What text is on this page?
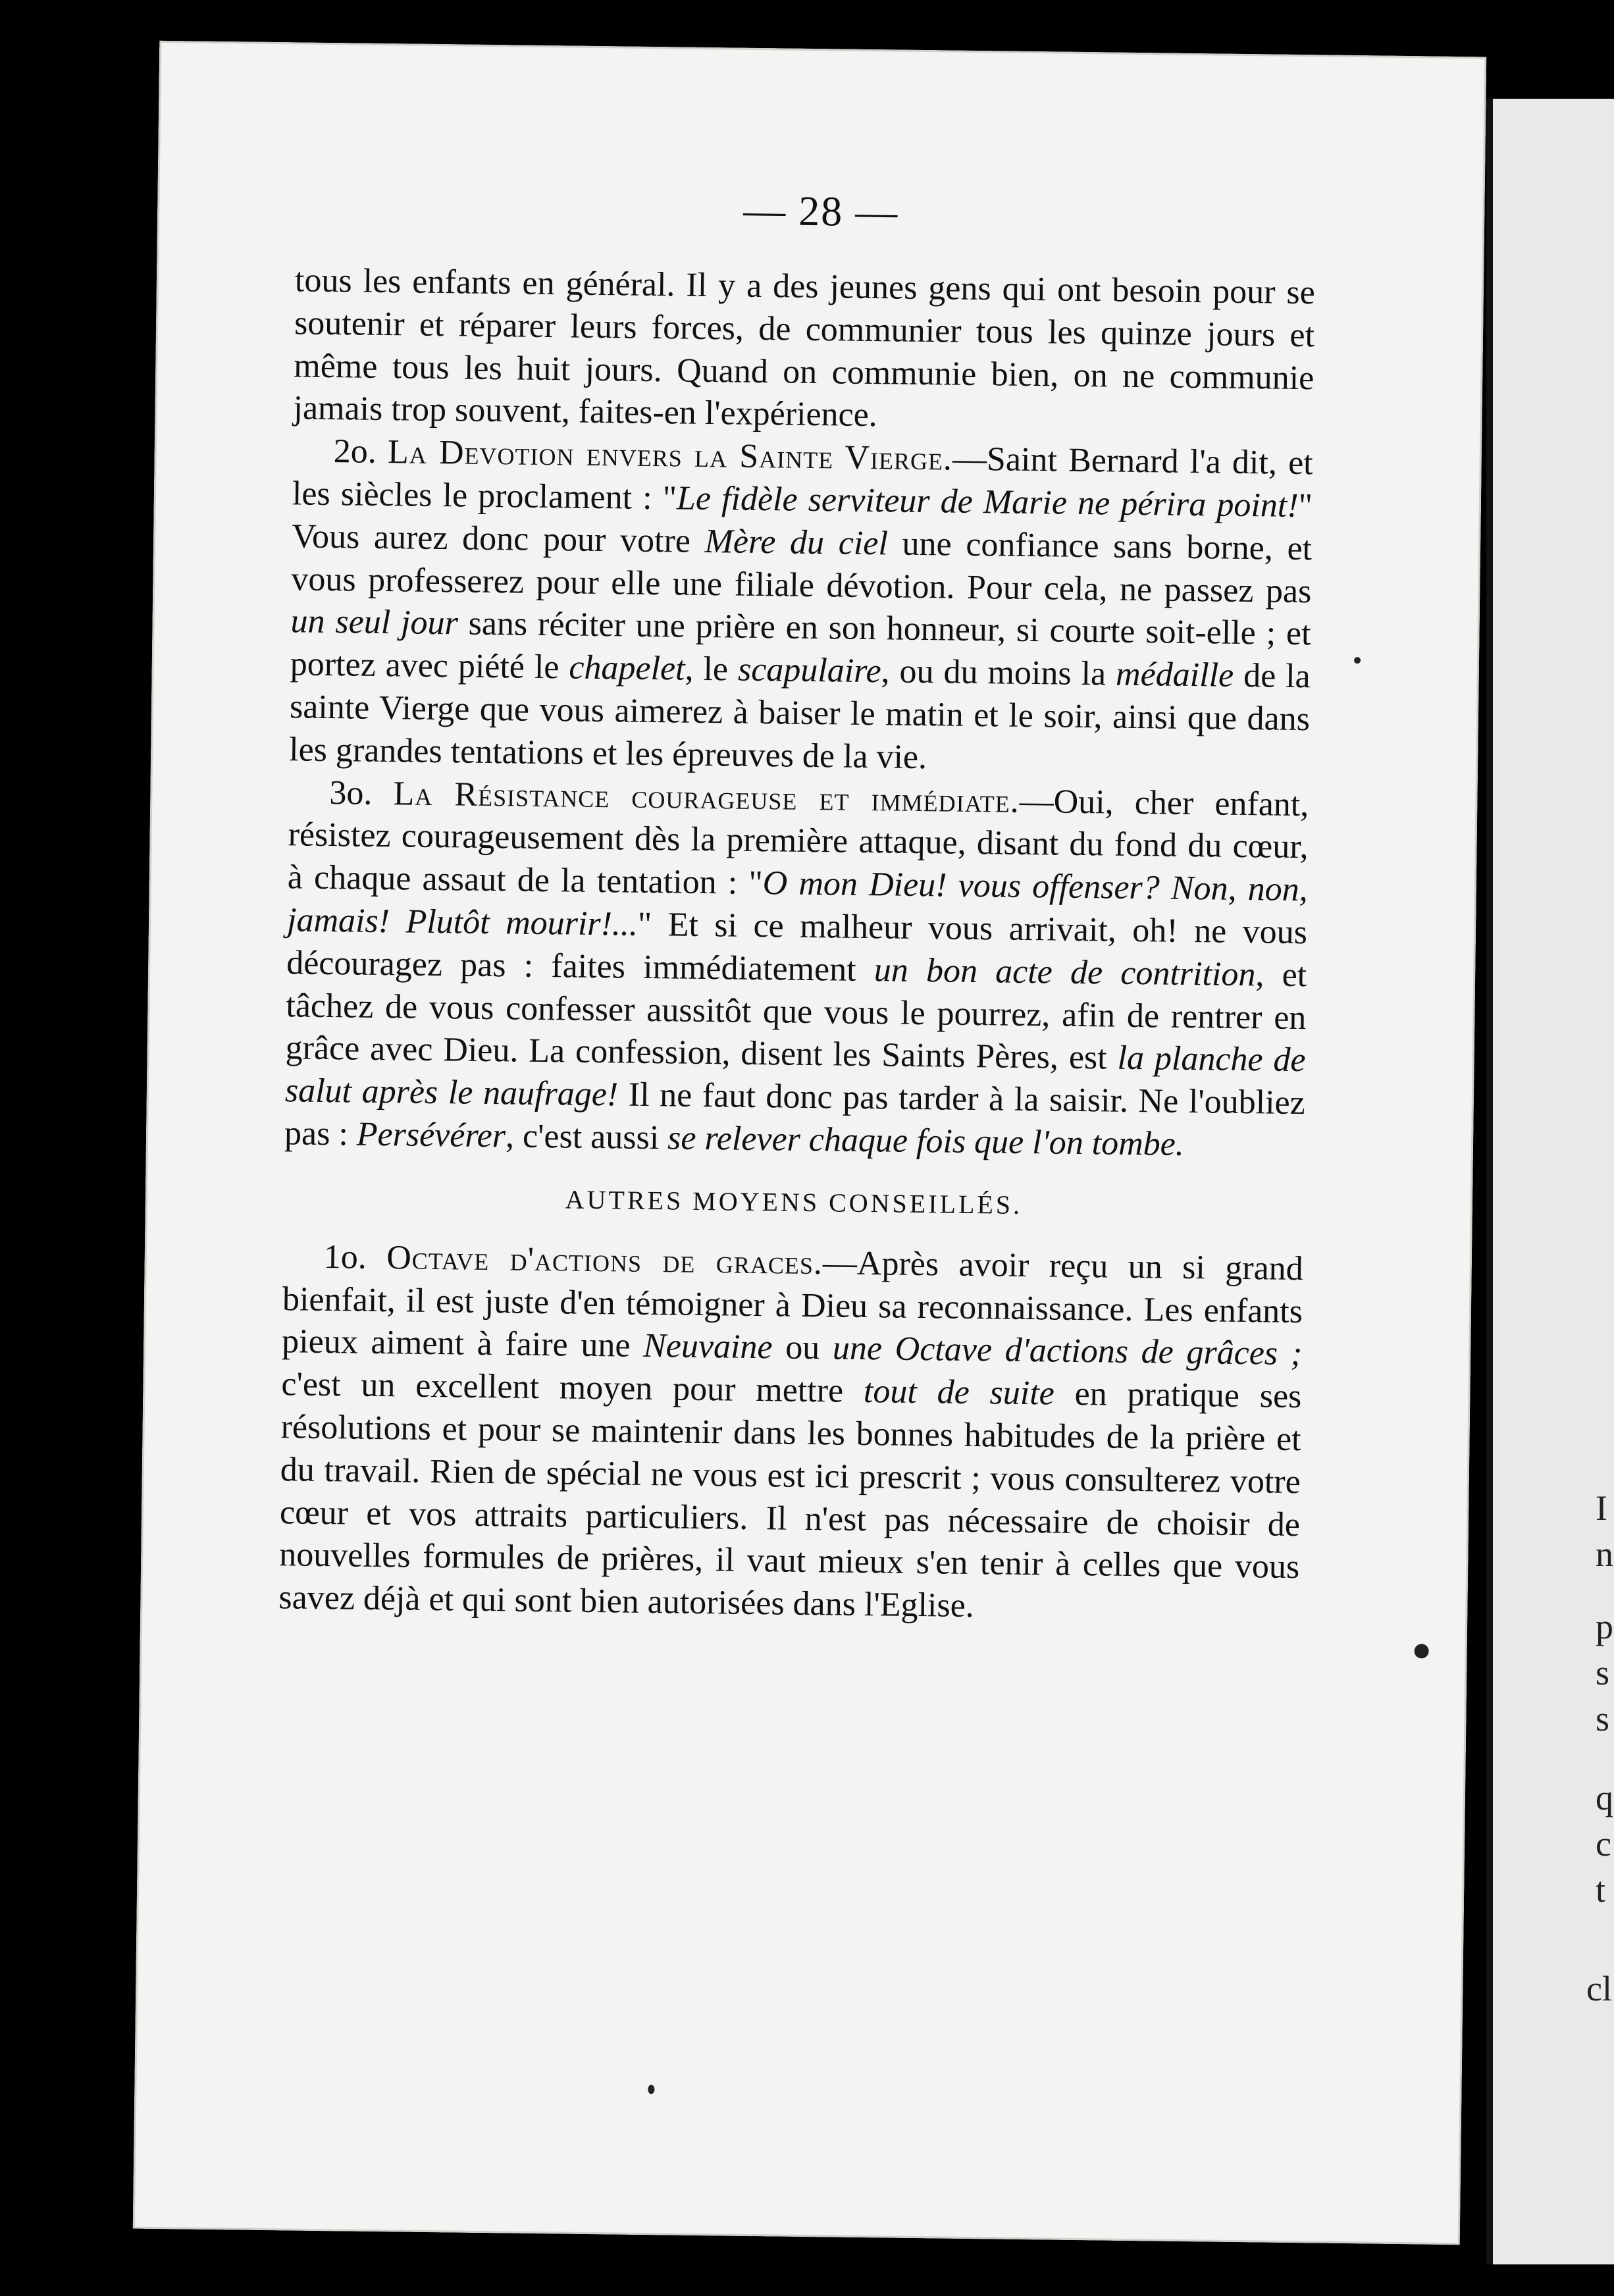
I
n
p
s
s
q
c
t
cl
— 28 —

tous les enfants en général. Il y a des jeunes gens qui ont besoin pour se soutenir et réparer leurs forces, de communier tous les quinze jours et même tous les huit jours. Quand on communie bien, on ne communie jamais trop souvent, faites-en l'expérience.

2o. La Devotion envers la Sainte Vierge.—Saint Bernard l'a dit, et les siècles le proclament : "Le fidèle serviteur de Marie ne périra point!" Vous aurez donc pour votre Mère du ciel une confiance sans borne, et vous professerez pour elle une filiale dévotion. Pour cela, ne passez pas un seul jour sans réciter une prière en son honneur, si courte soit-elle ; et portez avec piété le chapelet, le scapulaire, ou du moins la médaille de la sainte Vierge que vous aimerez à baiser le matin et le soir, ainsi que dans les grandes tentations et les épreuves de la vie.

3o. La Résistance courageuse et immédiate.—Oui, cher enfant, résistez courageusement dès la première attaque, disant du fond du cœur, à chaque assaut de la tentation : "O mon Dieu! vous offenser? Non, non, jamais! Plutôt mourir!..." Et si ce malheur vous arrivait, oh! ne vous découragez pas : faites immédiatement un bon acte de contrition, et tâchez de vous confesser aussitôt que vous le pourrez, afin de rentrer en grâce avec Dieu. La confession, disent les Saints Pères, est la planche de salut après le naufrage! Il ne faut donc pas tarder à la saisir. Ne l'oubliez pas : Persévérer, c'est aussi se relever chaque fois que l'on tombe.

AUTRES MOYENS CONSEILLÉS.

1o. Octave d'actions de graces.—Après avoir reçu un si grand bienfait, il est juste d'en témoigner à Dieu sa reconnaissance. Les enfants pieux aiment à faire une Neuvaine ou une Octave d'actions de grâces ; c'est un excellent moyen pour mettre tout de suite en pratique ses résolutions et pour se maintenir dans les bonnes habitudes de la prière et du travail. Rien de spécial ne vous est ici prescrit ; vous consulterez votre cœur et vos attraits particuliers. Il n'est pas nécessaire de choisir de nouvelles formules de prières, il vaut mieux s'en tenir à celles que vous savez déjà et qui sont bien autorisées dans l'Eglise.
